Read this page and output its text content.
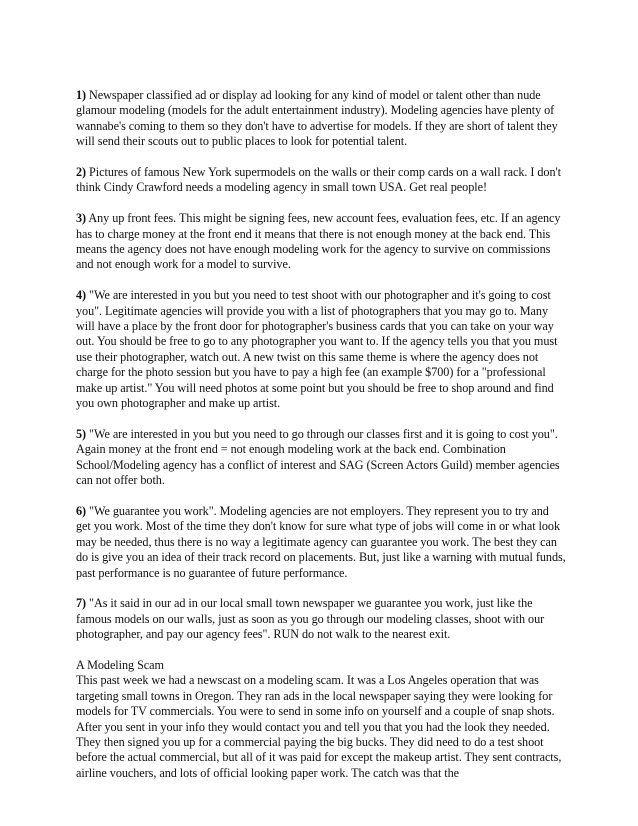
1) Newspaper classified ad or display ad looking for any kind of model or talent other than nude glamour modeling (models for the adult entertainment industry). Modeling agencies have plenty of wannabe's coming to them so they don't have to advertise for models. If they are short of talent they will send their scouts out to public places to look for potential talent.

2) Pictures of famous New York supermodels on the walls or their comp cards on a wall rack. I don't think Cindy Crawford needs a modeling agency in small town USA. Get real people!

3) Any up front fees. This might be signing fees, new account fees, evaluation fees, etc. If an agency has to charge money at the front end it means that there is not enough money at the back end. This means the agency does not have enough modeling work for the agency to survive on commissions and not enough work for a model to survive.

4) "We are interested in you but you need to test shoot with our photographer and it's going to cost you". Legitimate agencies will provide you with a list of photographers that you may go to. Many will have a place by the front door for photographer's business cards that you can take on your way out. You should be free to go to any photographer you want to. If the agency tells you that you must use their photographer, watch out. A new twist on this same theme is where the agency does not charge for the photo session but you have to pay a high fee (an example $700) for a "professional make up artist." You will need photos at some point but you should be free to shop around and find you own photographer and make up artist.

5) "We are interested in you but you need to go through our classes first and it is going to cost you". Again money at the front end = not enough modeling work at the back end. Combination School/Modeling agency has a conflict of interest and SAG (Screen Actors Guild) member agencies can not offer both.

6) "We guarantee you work". Modeling agencies are not employers. They represent you to try and get you work. Most of the time they don't know for sure what type of jobs will come in or what look may be needed, thus there is no way a legitimate agency can guarantee you work. The best they can do is give you an idea of their track record on placements. But, just like a warning with mutual funds, past performance is no guarantee of future performance.

7) "As it said in our ad in our local small town newspaper we guarantee you work, just like the famous models on our walls, just as soon as you go through our modeling classes, shoot with our photographer, and pay our agency fees". RUN do not walk to the nearest exit.

A Modeling Scam
This past week we had a newscast on a modeling scam. It was a Los Angeles operation that was targeting small towns in Oregon. They ran ads in the local newspaper saying they were looking for models for TV commercials. You were to send in some info on yourself and a couple of snap shots. After you sent in your info they would contact you and tell you that you had the look they needed. They then signed you up for a commercial paying the big bucks. They did need to do a test shoot before the actual commercial, but all of it was paid for except the makeup artist. They sent contracts, airline vouchers, and lots of official looking paper work. The catch was that the
